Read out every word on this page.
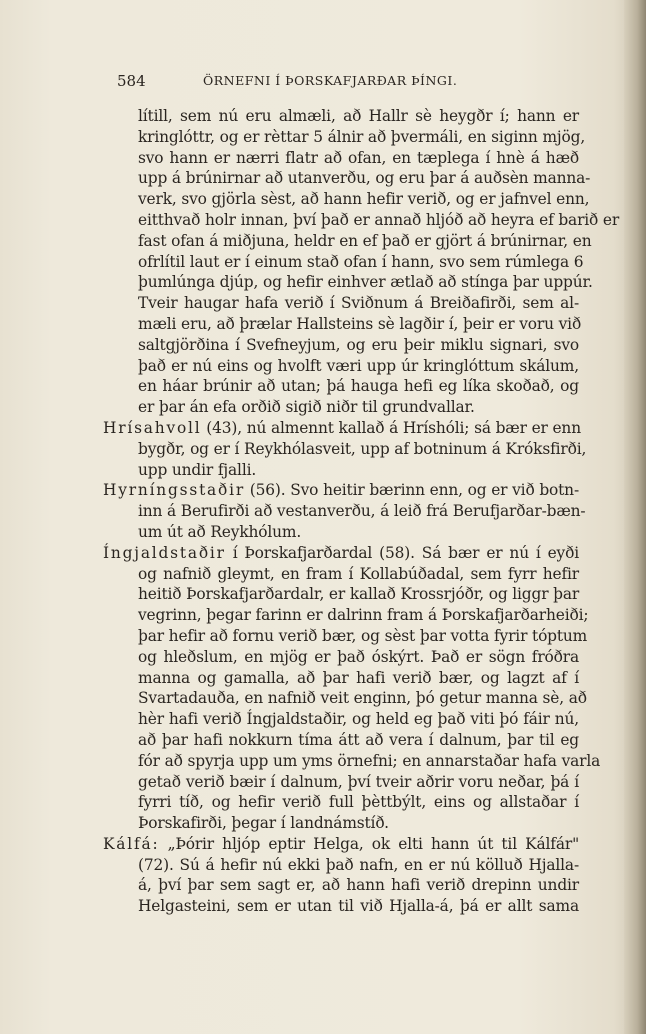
584	ÖRNEFNI Í ÞORSKAFJARÐAR ÞÍNGI.
lítill, sem nú eru almæli, að Hallr sè heygðr í; hann er
kringlóttr, og er rèttar 5 álnir að þvermáli, en siginn mjög,
svo hann er nærri flatr að ofan, en tæplega í hnè á hæð
upp á brúnirnar að utanverðu, og eru þar á auðsèn manna-
verk, svo gjörla sèst, að hann hefir verið, og er jafnvel enn,
eitthvað holr innan, því það er annað hljóð að heyra ef barið er
fast ofan á miðjuna, heldr en ef það er gjört á brúnirnar, en
ofrlítil laut er í einum stað ofan í hann, svo sem rúmlega 6
þumlúnga djúp, og hefir einhver ætlað að stínga þar uppúr.
Tveir haugar hafa verið í Sviðnum á Breiðafirði, sem al-
mæli eru, að þrælar Hallsteins sè lagðir í, þeir er voru við
saltgjörðina í Svefneyjum, og eru þeir miklu signari, svo
það er nú eins og hvolft væri upp úr kringlóttum skálum,
en háar brúnir að utan; þá hauga hefi eg líka skoðað, og
er þar án efa orðið sigið niðr til grundvallar.
Hrísahvoll (43), nú almennt kallað á Hríshóli; sá bær er enn
bygðr, og er í Reykhólasveit, upp af botninum á Króksfirði,
upp undir fjalli.
Hyrníngsstaðir (56). Svo heitir bærinn enn, og er við botn-
inn á Berufirði að vestanverðu, á leið frá Berufjarðar-bæn-
um út að Reykhólum.
Íngjaldstaðir í Þorskafjarðardal (58). Sá bær er nú í eyði
og nafnið gleymt, en fram í Kollabúðadal, sem fyrr hefir
heitið Þorskafjarðardalr, er kallað Krossrjóðr, og liggr þar
vegrinn, þegar farinn er dalrinn fram á Þorskafjarðarheiði;
þar hefir að fornu verið bær, og sèst þar votta fyrir tóptum
og hleðslum, en mjög er það óskýrt. Það er sögn fróðra
manna og gamalla, að þar hafi verið bær, og lagzt af í
Svartadauða, en nafnið veit enginn, þó getur manna sè, að
hèr hafi verið Íngjaldstaðir, og held eg það viti þó fáir nú,
að þar hafi nokkurn tíma átt að vera í dalnum, þar til eg
fór að spyrja upp um yms örnefni; en annarstaðar hafa varla
getað verið bæir í dalnum, því tveir aðrir voru neðar, þá í
fyrri tíð, og hefir verið full þèttbýlt, eins og allstaðar í
Þorskafirði, þegar í landnámstíð.
Kálfá: „Þórir hljóp eptir Helga, ok elti hann út til Kálfár"
(72). Sú á hefir nú ekki það nafn, en er nú kölluð Hjalla-
á, því þar sem sagt er, að hann hafi verið drepinn undir
Helgasteini, sem er utan til við Hjalla-á, þá er allt sama
